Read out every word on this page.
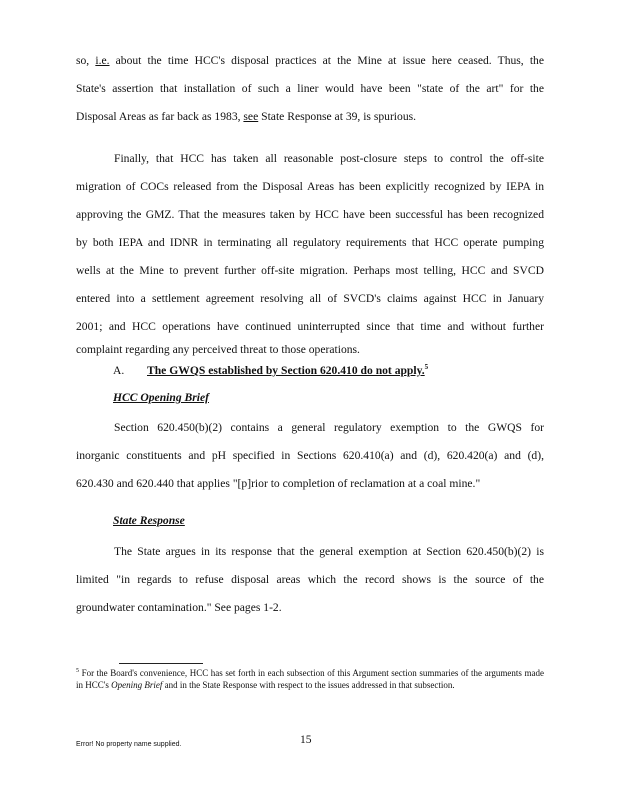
so, i.e. about the time HCC's disposal practices at the Mine at issue here ceased. Thus, the

State's assertion that installation of such a liner would have been "state of the art" for the

Disposal Areas as far back as 1983, see State Response at 39, is spurious.

Finally, that HCC has taken all reasonable post-closure steps to control the off-site

migration of COCs released from the Disposal Areas has been explicitly recognized by IEPA in

approving the GMZ. That the measures taken by HCC have been successful has been recognized

by both IEPA and IDNR in terminating all regulatory requirements that HCC operate pumping

wells at the Mine to prevent further off-site migration. Perhaps most telling, HCC and SVCD

entered into a settlement agreement resolving all of SVCD's claims against HCC in January

2001; and HCC operations have continued uninterrupted since that time and without further

complaint regarding any perceived threat to those operations.

A. The GWQS established by Section 620.410 do not apply.$^5$
HCC Opening Brief

Section 620.450(b)(2) contains a general regulatory exemption to the GWQS for

inorganic constituents and pH specified in Sections 620.410(a) and (d), 620.420(a) and (d),

620.430 and 620.440 that applies "[p]rior to completion of reclamation at a coal mine."

State Response

The State argues in its response that the general exemption at Section 620.450(b)(2) is

limited "in regards to refuse disposal areas which the record shows is the source of the

groundwater contamination." See pages 1-2.

$^5$ For the Board's convenience, HCC has set forth in each subsection of this Argument section summaries of the arguments made in HCC's Opening Brief and in the State Response with respect to the issues addressed in that subsection.

Error! No property name supplied.	15
